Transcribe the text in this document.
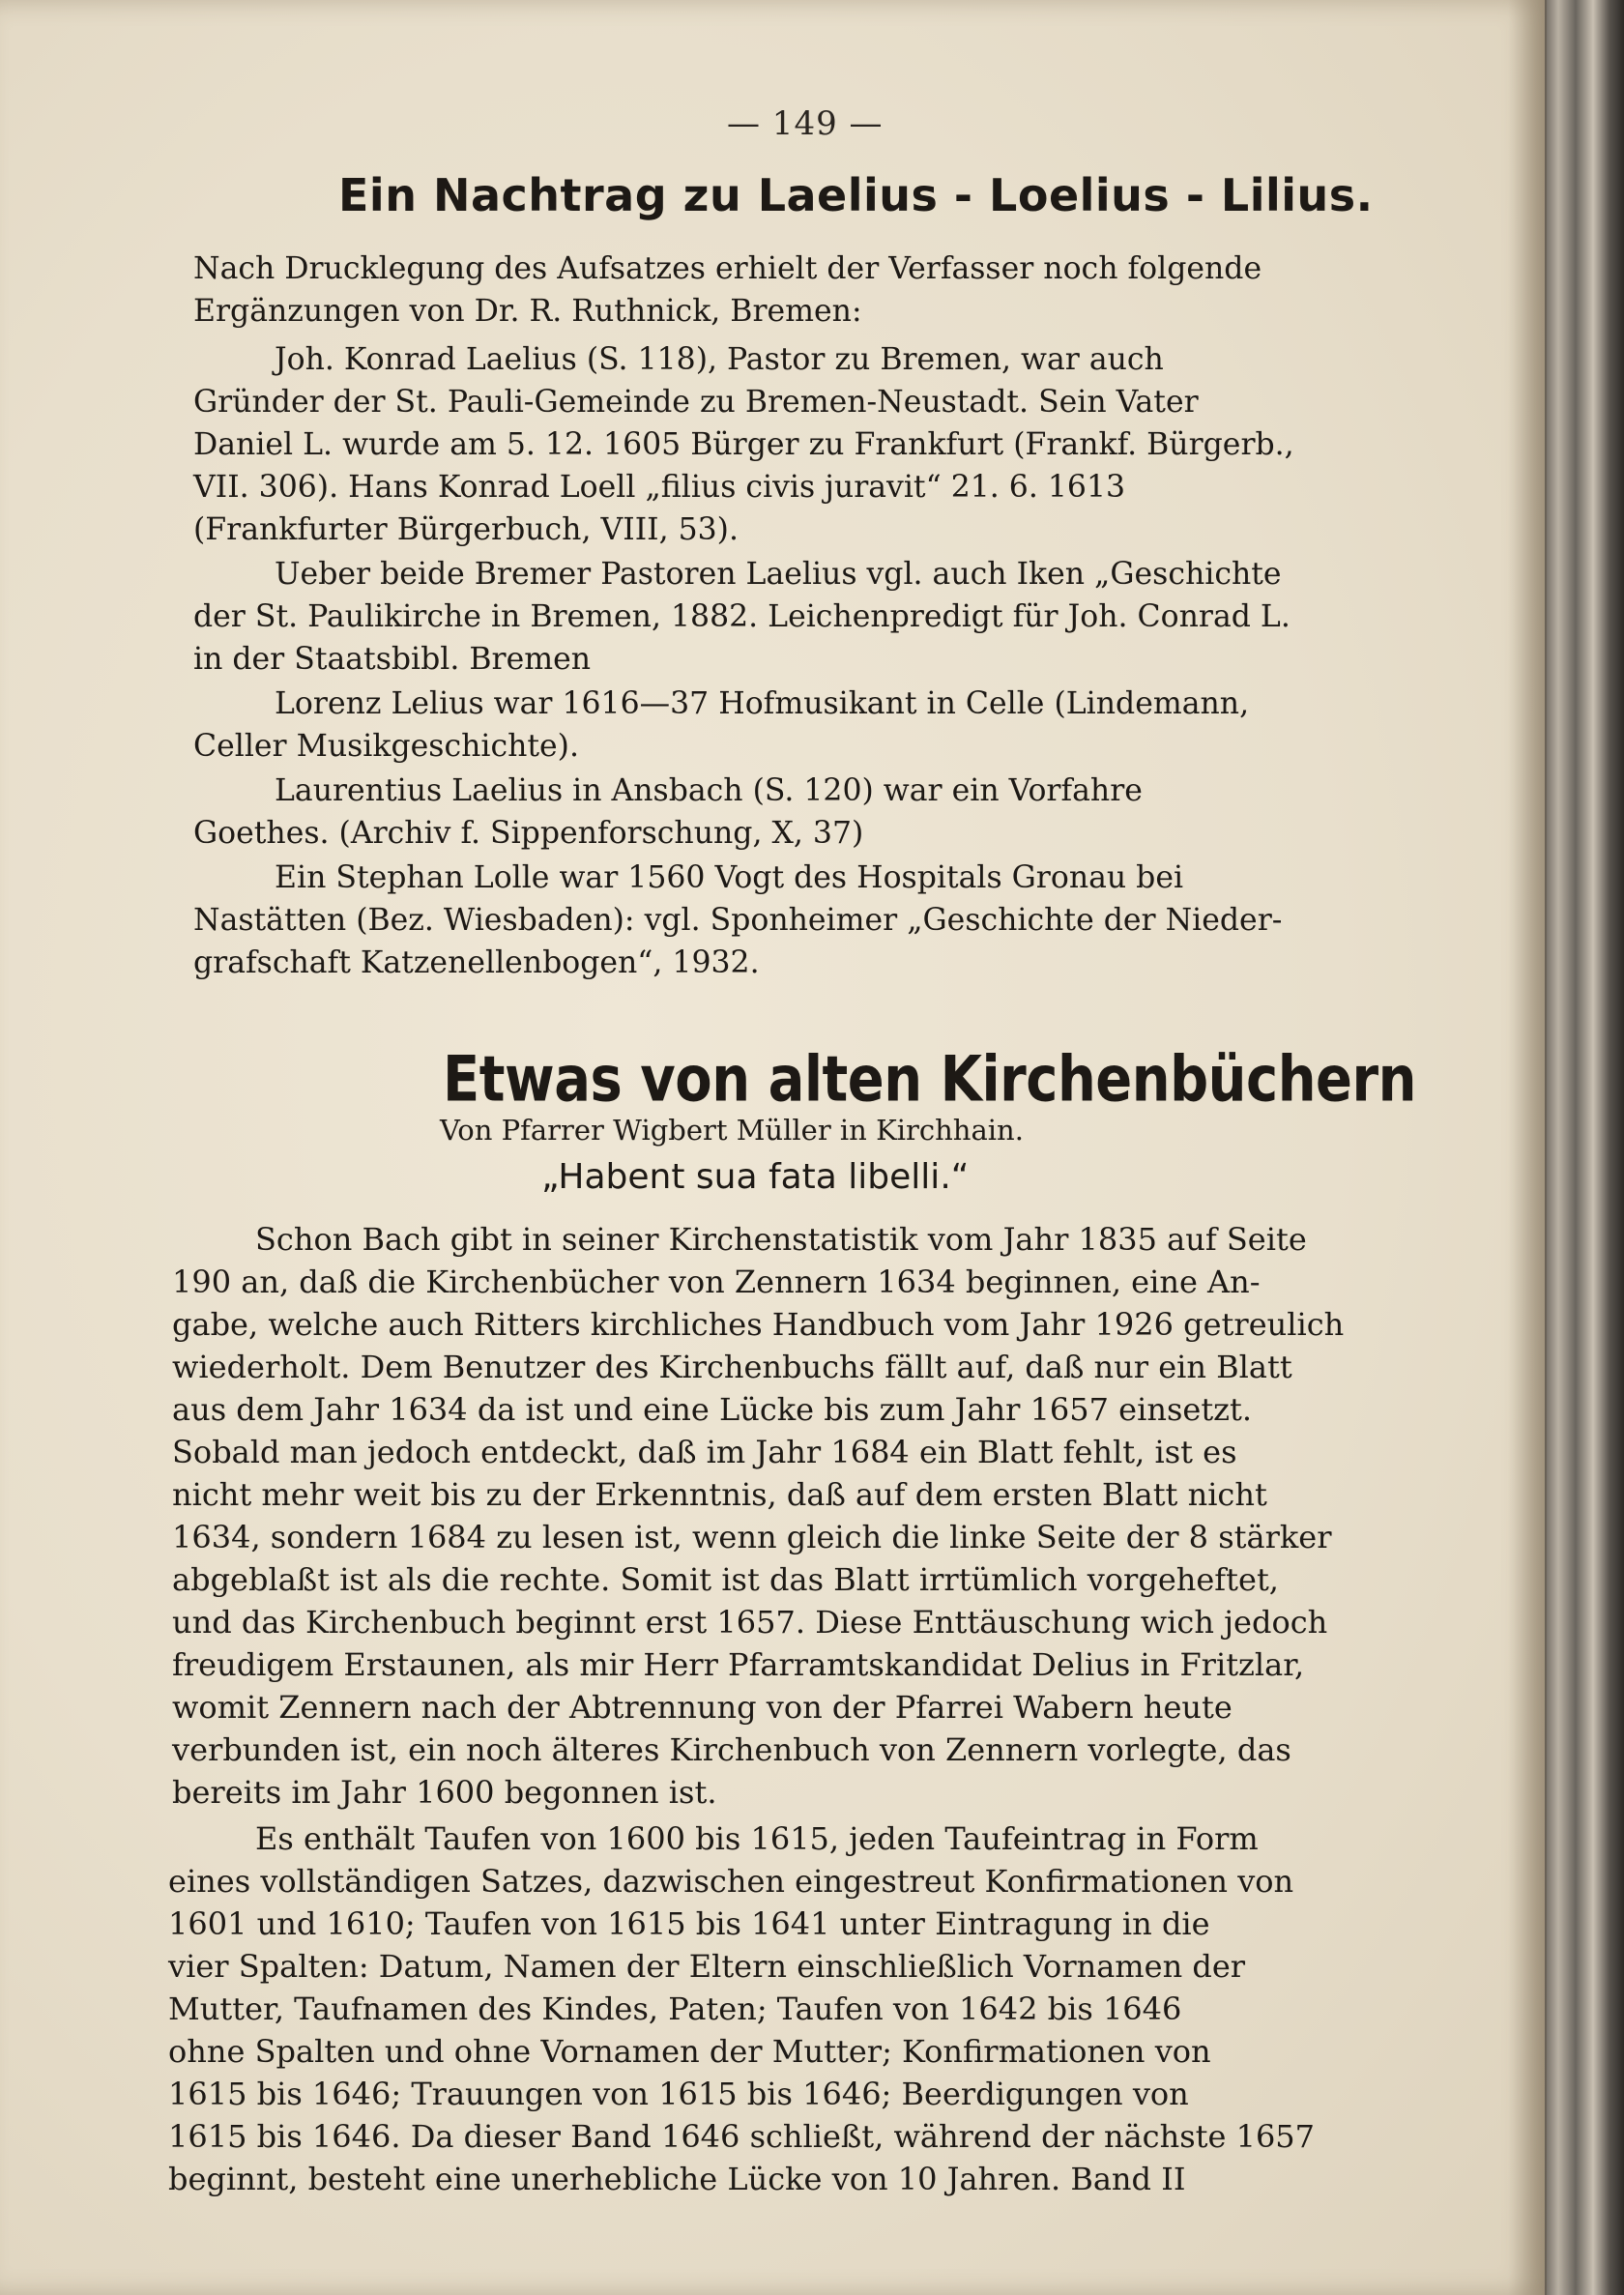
— 149 —
Ein Nachtrag zu Laelius - Loelius - Lilius.
Nach Drucklegung des Aufsatzes erhielt der Verfasser noch folgende
Ergänzungen von Dr. R. Ruthnick, Bremen:
Joh. Konrad Laelius (S. 118), Pastor zu Bremen, war auch
Gründer der St. Pauli-Gemeinde zu Bremen-Neustadt. Sein Vater
Daniel L. wurde am 5. 12. 1605 Bürger zu Frankfurt (Frankf. Bürgerb.,
VII. 306). Hans Konrad Loell „filius civis juravit“ 21. 6. 1613
(Frankfurter Bürgerbuch, VIII, 53).
Ueber beide Bremer Pastoren Laelius vgl. auch Iken „Geschichte
der St. Paulikirche in Bremen, 1882. Leichenpredigt für Joh. Conrad L.
in der Staatsbibl. Bremen
Lorenz Lelius war 1616—37 Hofmusikant in Celle (Lindemann,
Celler Musikgeschichte).
Laurentius Laelius in Ansbach (S. 120) war ein Vorfahre
Goethes. (Archiv f. Sippenforschung, X, 37)
Ein Stephan Lolle war 1560 Vogt des Hospitals Gronau bei
Nastätten (Bez. Wiesbaden): vgl. Sponheimer „Geschichte der Nieder-
grafschaft Katzenellenbogen“, 1932.
Etwas von alten Kirchenbüchern
Von Pfarrer Wigbert Müller in Kirchhain.
„Habent sua fata libelli.“
Schon Bach gibt in seiner Kirchenstatistik vom Jahr 1835 auf Seite
190 an, daß die Kirchenbücher von Zennern 1634 beginnen, eine An-
gabe, welche auch Ritters kirchliches Handbuch vom Jahr 1926 getreulich
wiederholt. Dem Benutzer des Kirchenbuchs fällt auf, daß nur ein Blatt
aus dem Jahr 1634 da ist und eine Lücke bis zum Jahr 1657 einsetzt.
Sobald man jedoch entdeckt, daß im Jahr 1684 ein Blatt fehlt, ist es
nicht mehr weit bis zu der Erkenntnis, daß auf dem ersten Blatt nicht
1634, sondern 1684 zu lesen ist, wenn gleich die linke Seite der 8 stärker
abgeblaßt ist als die rechte. Somit ist das Blatt irrtümlich vorgeheftet,
und das Kirchenbuch beginnt erst 1657. Diese Enttäuschung wich jedoch
freudigem Erstaunen, als mir Herr Pfarramtskandidat Delius in Fritzlar,
womit Zennern nach der Abtrennung von der Pfarrei Wabern heute
verbunden ist, ein noch älteres Kirchenbuch von Zennern vorlegte, das
bereits im Jahr 1600 begonnen ist.
Es enthält Taufen von 1600 bis 1615, jeden Taufeintrag in Form
eines vollständigen Satzes, dazwischen eingestreut Konfirmationen von
1601 und 1610; Taufen von 1615 bis 1641 unter Eintragung in die
vier Spalten: Datum, Namen der Eltern einschließlich Vornamen der
Mutter, Taufnamen des Kindes, Paten; Taufen von 1642 bis 1646
ohne Spalten und ohne Vornamen der Mutter; Konfirmationen von
1615 bis 1646; Trauungen von 1615 bis 1646; Beerdigungen von
1615 bis 1646. Da dieser Band 1646 schließt, während der nächste 1657
beginnt, besteht eine unerhebliche Lücke von 10 Jahren. Band II
